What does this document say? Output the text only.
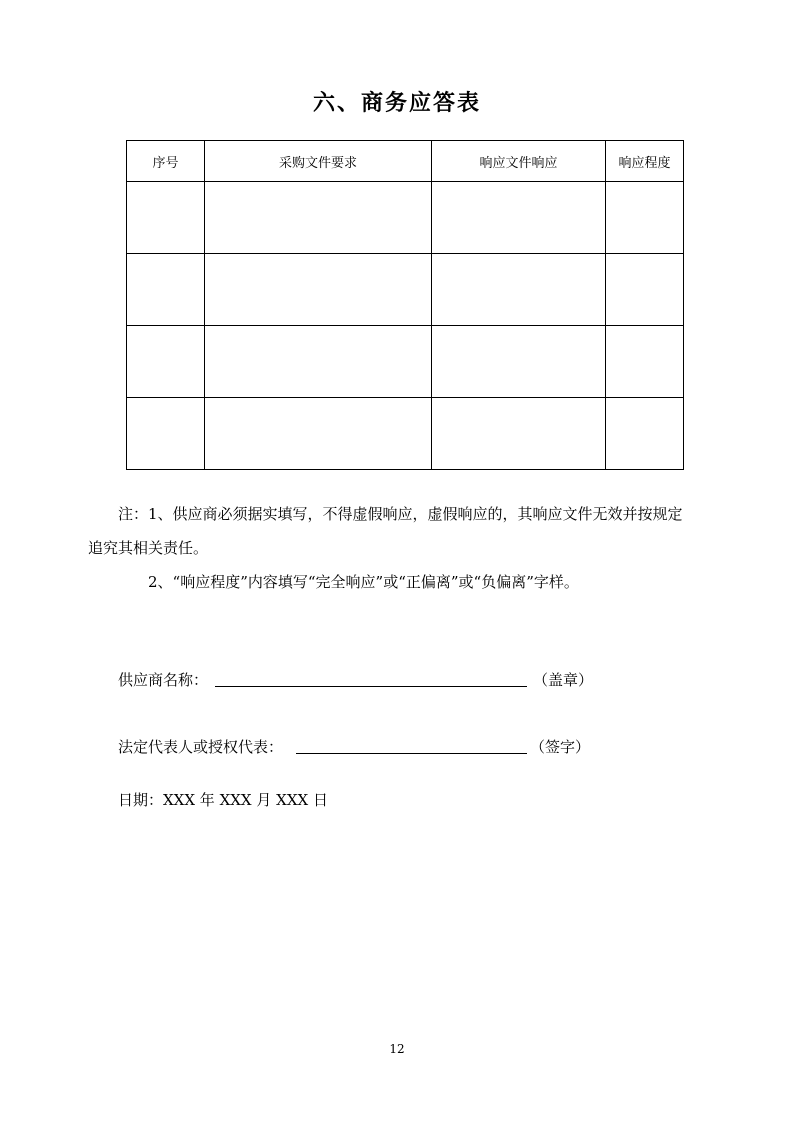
六、商务应答表
序号	采购文件要求	响应文件响应	响应程度

注：1、供应商必须据实填写，不得虚假响应，虚假响应的，其响应文件无效并按规定
追究其相关责任。
2、“响应程度”内容填写“完全响应”或“正偏离”或“负偏离”字样。
供应商名称：	（盖章）
法定代表人或授权代表：	（签字）
日期：XXX 年 XXX 月 XXX 日
12
